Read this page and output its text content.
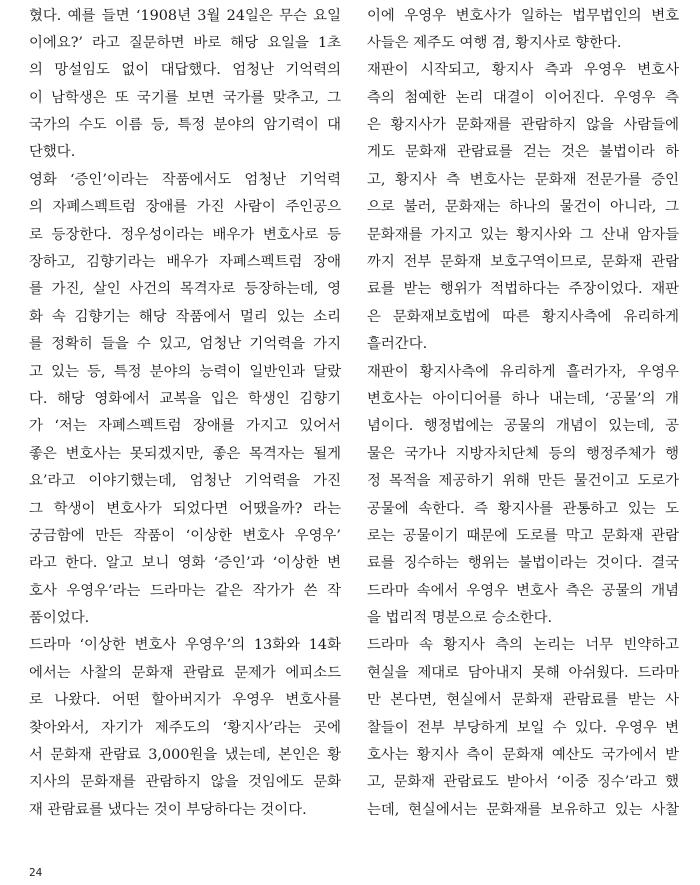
혔다. 예를 들면 ‘1908년 3월 24일은 무슨 요일
이에요?’ 라고 질문하면 바로 해당 요일을 1초
의 망설임도 없이 대답했다. 엄청난 기억력의
이 남학생은 또 국기를 보면 국가를 맞추고, 그
국가의 수도 이름 등, 특정 분야의 암기력이 대
단했다.
영화 ‘증인’이라는 작품에서도 엄청난 기억력
의 자폐스펙트럼 장애를 가진 사람이 주인공으
로 등장한다. 정우성이라는 배우가 변호사로 등
장하고, 김향기라는 배우가 자폐스펙트럼 장애
를 가진, 살인 사건의 목격자로 등장하는데, 영
화 속 김향기는 해당 작품에서 멀리 있는 소리
를 정확히 들을 수 있고, 엄청난 기억력을 가지
고 있는 등, 특정 분야의 능력이 일반인과 달랐
다. 해당 영화에서 교복을 입은 학생인 김향기
가 ‘저는 자폐스펙트럼 장애를 가지고 있어서
좋은 변호사는 못되겠지만, 좋은 목격자는 될게
요’라고 이야기했는데, 엄청난 기억력을 가진
그 학생이 변호사가 되었다면 어땠을까? 라는
궁금함에 만든 작품이 ‘이상한 변호사 우영우’
라고 한다. 알고 보니 영화 ‘증인’과 ‘이상한 변
호사 우영우’라는 드라마는 같은 작가가 쓴 작
품이었다.
드라마 ‘이상한 변호사 우영우’의 13화와 14화
에서는 사찰의 문화재 관람료 문제가 에피소드
로 나왔다. 어떤 할아버지가 우영우 변호사를
찾아와서, 자기가 제주도의 ‘황지사’라는 곳에
서 문화재 관람료 3,000원을 냈는데, 본인은 황
지사의 문화재를 관람하지 않을 것임에도 문화
재 관람료를 냈다는 것이 부당하다는 것이다.
이에 우영우 변호사가 일하는 법무법인의 변호
사들은 제주도 여행 겸, 황지사로 향한다.
재판이 시작되고, 황지사 측과 우영우 변호사
측의 첨예한 논리 대결이 이어진다. 우영우 측
은 황지사가 문화재를 관람하지 않을 사람들에
게도 문화재 관람료를 걷는 것은 불법이라 하
고, 황지사 측 변호사는 문화재 전문가를 증인
으로 불러, 문화재는 하나의 물건이 아니라, 그
문화재를 가지고 있는 황지사와 그 산내 암자들
까지 전부 문화재 보호구역이므로, 문화재 관람
료를 받는 행위가 적법하다는 주장이었다. 재판
은 문화재보호법에 따른 황지사측에 유리하게
흘러간다.
재판이 황지사측에 유리하게 흘러가자, 우영우
변호사는 아이디어를 하나 내는데, ‘공물’의 개
념이다. 행정법에는 공물의 개념이 있는데, 공
물은 국가나 지방자치단체 등의 행정주체가 행
정 목적을 제공하기 위해 만든 물건이고 도로가
공물에 속한다. 즉 황지사를 관통하고 있는 도
로는 공물이기 때문에 도로를 막고 문화재 관람
료를 징수하는 행위는 불법이라는 것이다. 결국
드라마 속에서 우영우 변호사 측은 공물의 개념
을 법리적 명분으로 승소한다.
드라마 속 황지사 측의 논리는 너무 빈약하고
현실을 제대로 담아내지 못해 아쉬웠다. 드라마
만 본다면, 현실에서 문화재 관람료를 받는 사
찰들이 전부 부당하게 보일 수 있다. 우영우 변
호사는 황지사 측이 문화재 예산도 국가에서 받
고, 문화재 관람료도 받아서 ‘이중 징수’라고 했
는데, 현실에서는 문화재를 보유하고 있는 사찰
24
